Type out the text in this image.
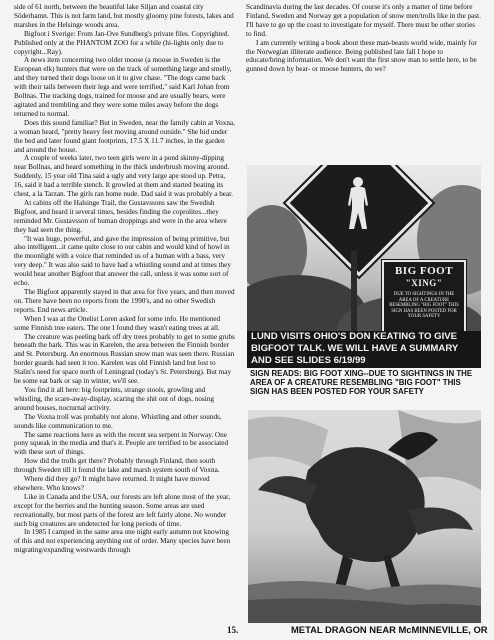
side of 61 north, between the beautiful lake Siljan and coastal city Söderhamn. This is not farm land, but mostly gloomy pine forests, lakes and marshes in the Helsinge woods area.

Bigfoot i Sverige: From Jan-Ove Sundberg's private files. Copyrighted. Published only at the PHANTOM ZOO for a while (hi-lights only due to copyright...Ray).

A news item concerning two older moose (a moose in Sweden is the European elk) hunters that were on the track of something large and smelly, and they turned their dogs loose on it to give chase. "The dogs came back with their tails between their legs and were terrified," said Karl Johan from Bollnas. The tracking dogs, trained for moose and are usually bears, were agitated and trembling and they were some miles away before the dogs returned to normal.

Does this sound familiar? But in Sweden, near the family cabin at Voxna, a woman heard, "pretty heavy feet moving around outside." She hid under the bed and later found giant footprints, 17.5 X 11.7 inches, in the garden and around the house.

A couple of weeks later, two teen girls were in a pond skinny-dipping near Bollnas, and heard something in the thick underbrush moving around. Suddenly, 15 year old Tina said a ugly and very large ape stood up. Petra, 16, said it had a terrible stench. It growled at them and started beating its chest, a la Tarzan. The girls ran home nude. Dad said it was probably a bear.

At cabins off the Halsinge Trail, the Gustavssons saw the Swedish Bigfoot, and heard it several times, besides finding the coprolites...they reminded Mr. Gustavsson of human droppings and were in the area where they had seen the thing.

"It was huge, powerful, and gave the impression of being primitive, but also intelligent...it came quite close to our cabin and would kind of howl in the moonlight with a voice that reminded us of a human with a bass, very very deep." It was also said to have had a whistling sound and at times they would hear another Bigfoot that answer the call, unless it was some sort of echo.

The Bigfoot apparently stayed in that area for five years, and then moved on. There have been no reports from the 1990's, and no other Swedish reports. End news article.

When I was at the Onelist Loren asked for some info. He mentioned some Finnish tree eaters. The one I found they wasn't eating trees at all.

The creature was peeling bark off dry trees probably to get to some grubs beneath the bark. This was in Karelen, the area between the Finnish border and St. Petersburg. An enormous Russian snow man was seen there. Russian border guards had seen it too. Karelen was old Finnish land but lost to Stalin's need for space north of Leningrad (today's St. Petersburg). But may be some eat bark or sap in winter, we'll see.

You find it all here: big footprints, strange stools, growling and whistling, the scare-away-display, scaring the shit out of dogs, nosing around houses, nocturnal activity.

The Voxna troll was probably not alone. Whistling and other sounds, sounds like communication to me.

The same reactions here as with the recent sea serpent in Norway. One pony squeak in the media and that's it. People are terrified to be associated with these sort of things.

How did the trolls get there? Probably through Finland, then south through Sweden till it found the lake and marsh system south of Voxna.

Where did they go? It might have returned. It might have moved elsewhere. Who knows?

Like in Canada and the USA, our forests are left alone most of the year, except for the berries and the hunting season. Some areas are used recreationally, but most parts of the forest are left fairly alone. No wonder such big creatures are undetected for long periods of time.

In 1985 I camped in the same area one night early autumn not knowing of this and not experiencing anything out of order. Many species have been migrating/expanding westwards through

Scandinavia during the last decades. Of course it's only a matter of time before Finland, Sweden and Norway get a population of snow men/trolls like in the past. I'll have to go up the coast to investigate for myself. There must be other stories to find.

I am currently writing a book about these man-beasts world wide, mainly for the Norwegian illiterate audience. Being published late fall I hope to educate/bring information. We don't want the first snow man to settle here, to be gunned down by bear- or moose hunters, do we?

BIG FOOT
"XING"
DUE TO SIGHTINGS IN THE AREA OF A CREATURE RESEMBLING "BIG FOOT" THIS SIGN HAS BEEN POSTED FOR YOUR SAFETY
LUND VISITS OHIO'S DON KEATING TO GIVE
BIGFOOT TALK. WE WILL HAVE A SUMMARY
AND SEE SLIDES 6/19/99
SIGN READS: BIG FOOT XING--DUE TO SIGHTINGS IN THE AREA OF A CREATURE RESEMBLING "BIG FOOT" THIS SIGN HAS BEEN POSTED FOR YOUR SAFETY
15.	METAL DRAGON NEAR McMINNEVILLE, OR
